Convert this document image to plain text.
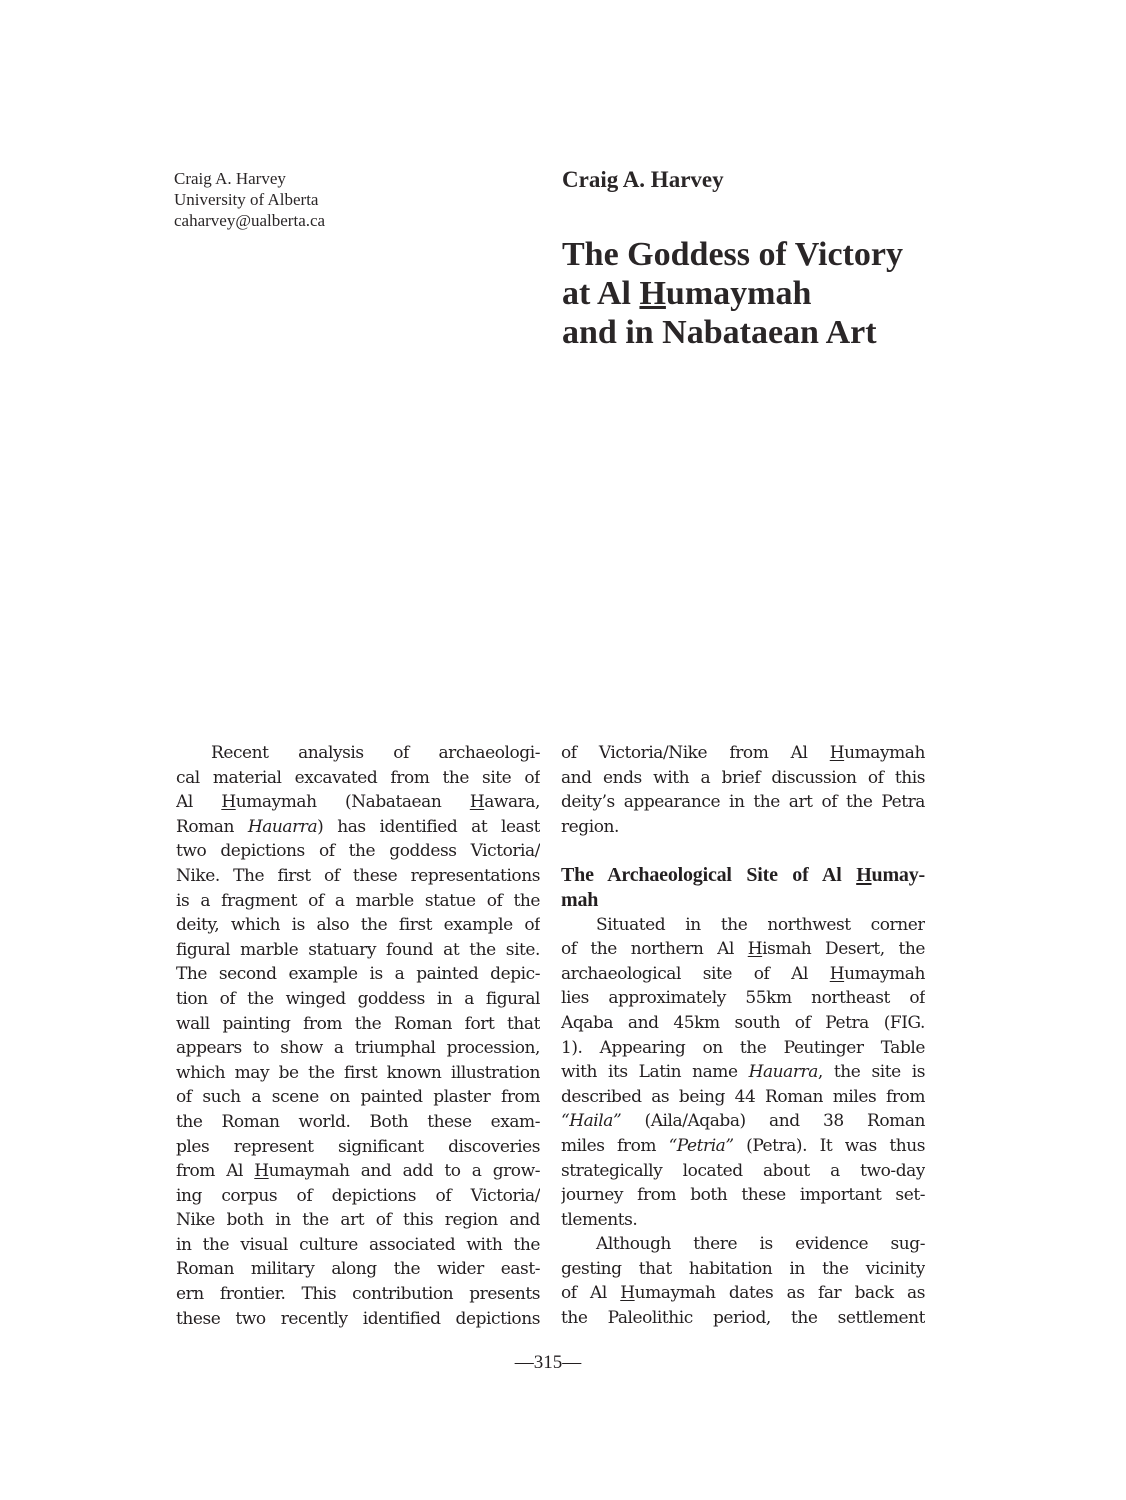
Craig A. Harvey
University of Alberta
caharvey@ualberta.ca
Craig A. Harvey
The Goddess of Victory
at Al Humaymah
and in Nabataean Art
Recent analysis of archaeologi-
cal material excavated from the site of
Al Humaymah (Nabataean Hawara,
Roman Hauarra) has identified at least
two depictions of the goddess Victoria/
Nike. The first of these representations
is a fragment of a marble statue of the
deity, which is also the first example of
figural marble statuary found at the site.
The second example is a painted depic-
tion of the winged goddess in a figural
wall painting from the Roman fort that
appears to show a triumphal procession,
which may be the first known illustration
of such a scene on painted plaster from
the Roman world. Both these exam-
ples represent significant discoveries
from Al Humaymah and add to a grow-
ing corpus of depictions of Victoria/
Nike both in the art of this region and
in the visual culture associated with the
Roman military along the wider east-
ern frontier. This contribution presents
these two recently identified depictions
of Victoria/Nike from Al Humaymah
and ends with a brief discussion of this
deity’s appearance in the art of the Petra
region.
The Archaeological Site of Al Humay-
mah
Situated in the northwest corner
of the northern Al Hismah Desert, the
archaeological site of Al Humaymah
lies approximately 55km northeast of
Aqaba and 45km south of Petra (FIG.
1). Appearing on the Peutinger Table
with its Latin name Hauarra, the site is
described as being 44 Roman miles from
“Haila” (Aila/Aqaba) and 38 Roman
miles from “Petria” (Petra). It was thus
strategically located about a two-day
journey from both these important set-
tlements.
Although there is evidence sug-
gesting that habitation in the vicinity
of Al Humaymah dates as far back as
the Paleolithic period, the settlement
—315—
